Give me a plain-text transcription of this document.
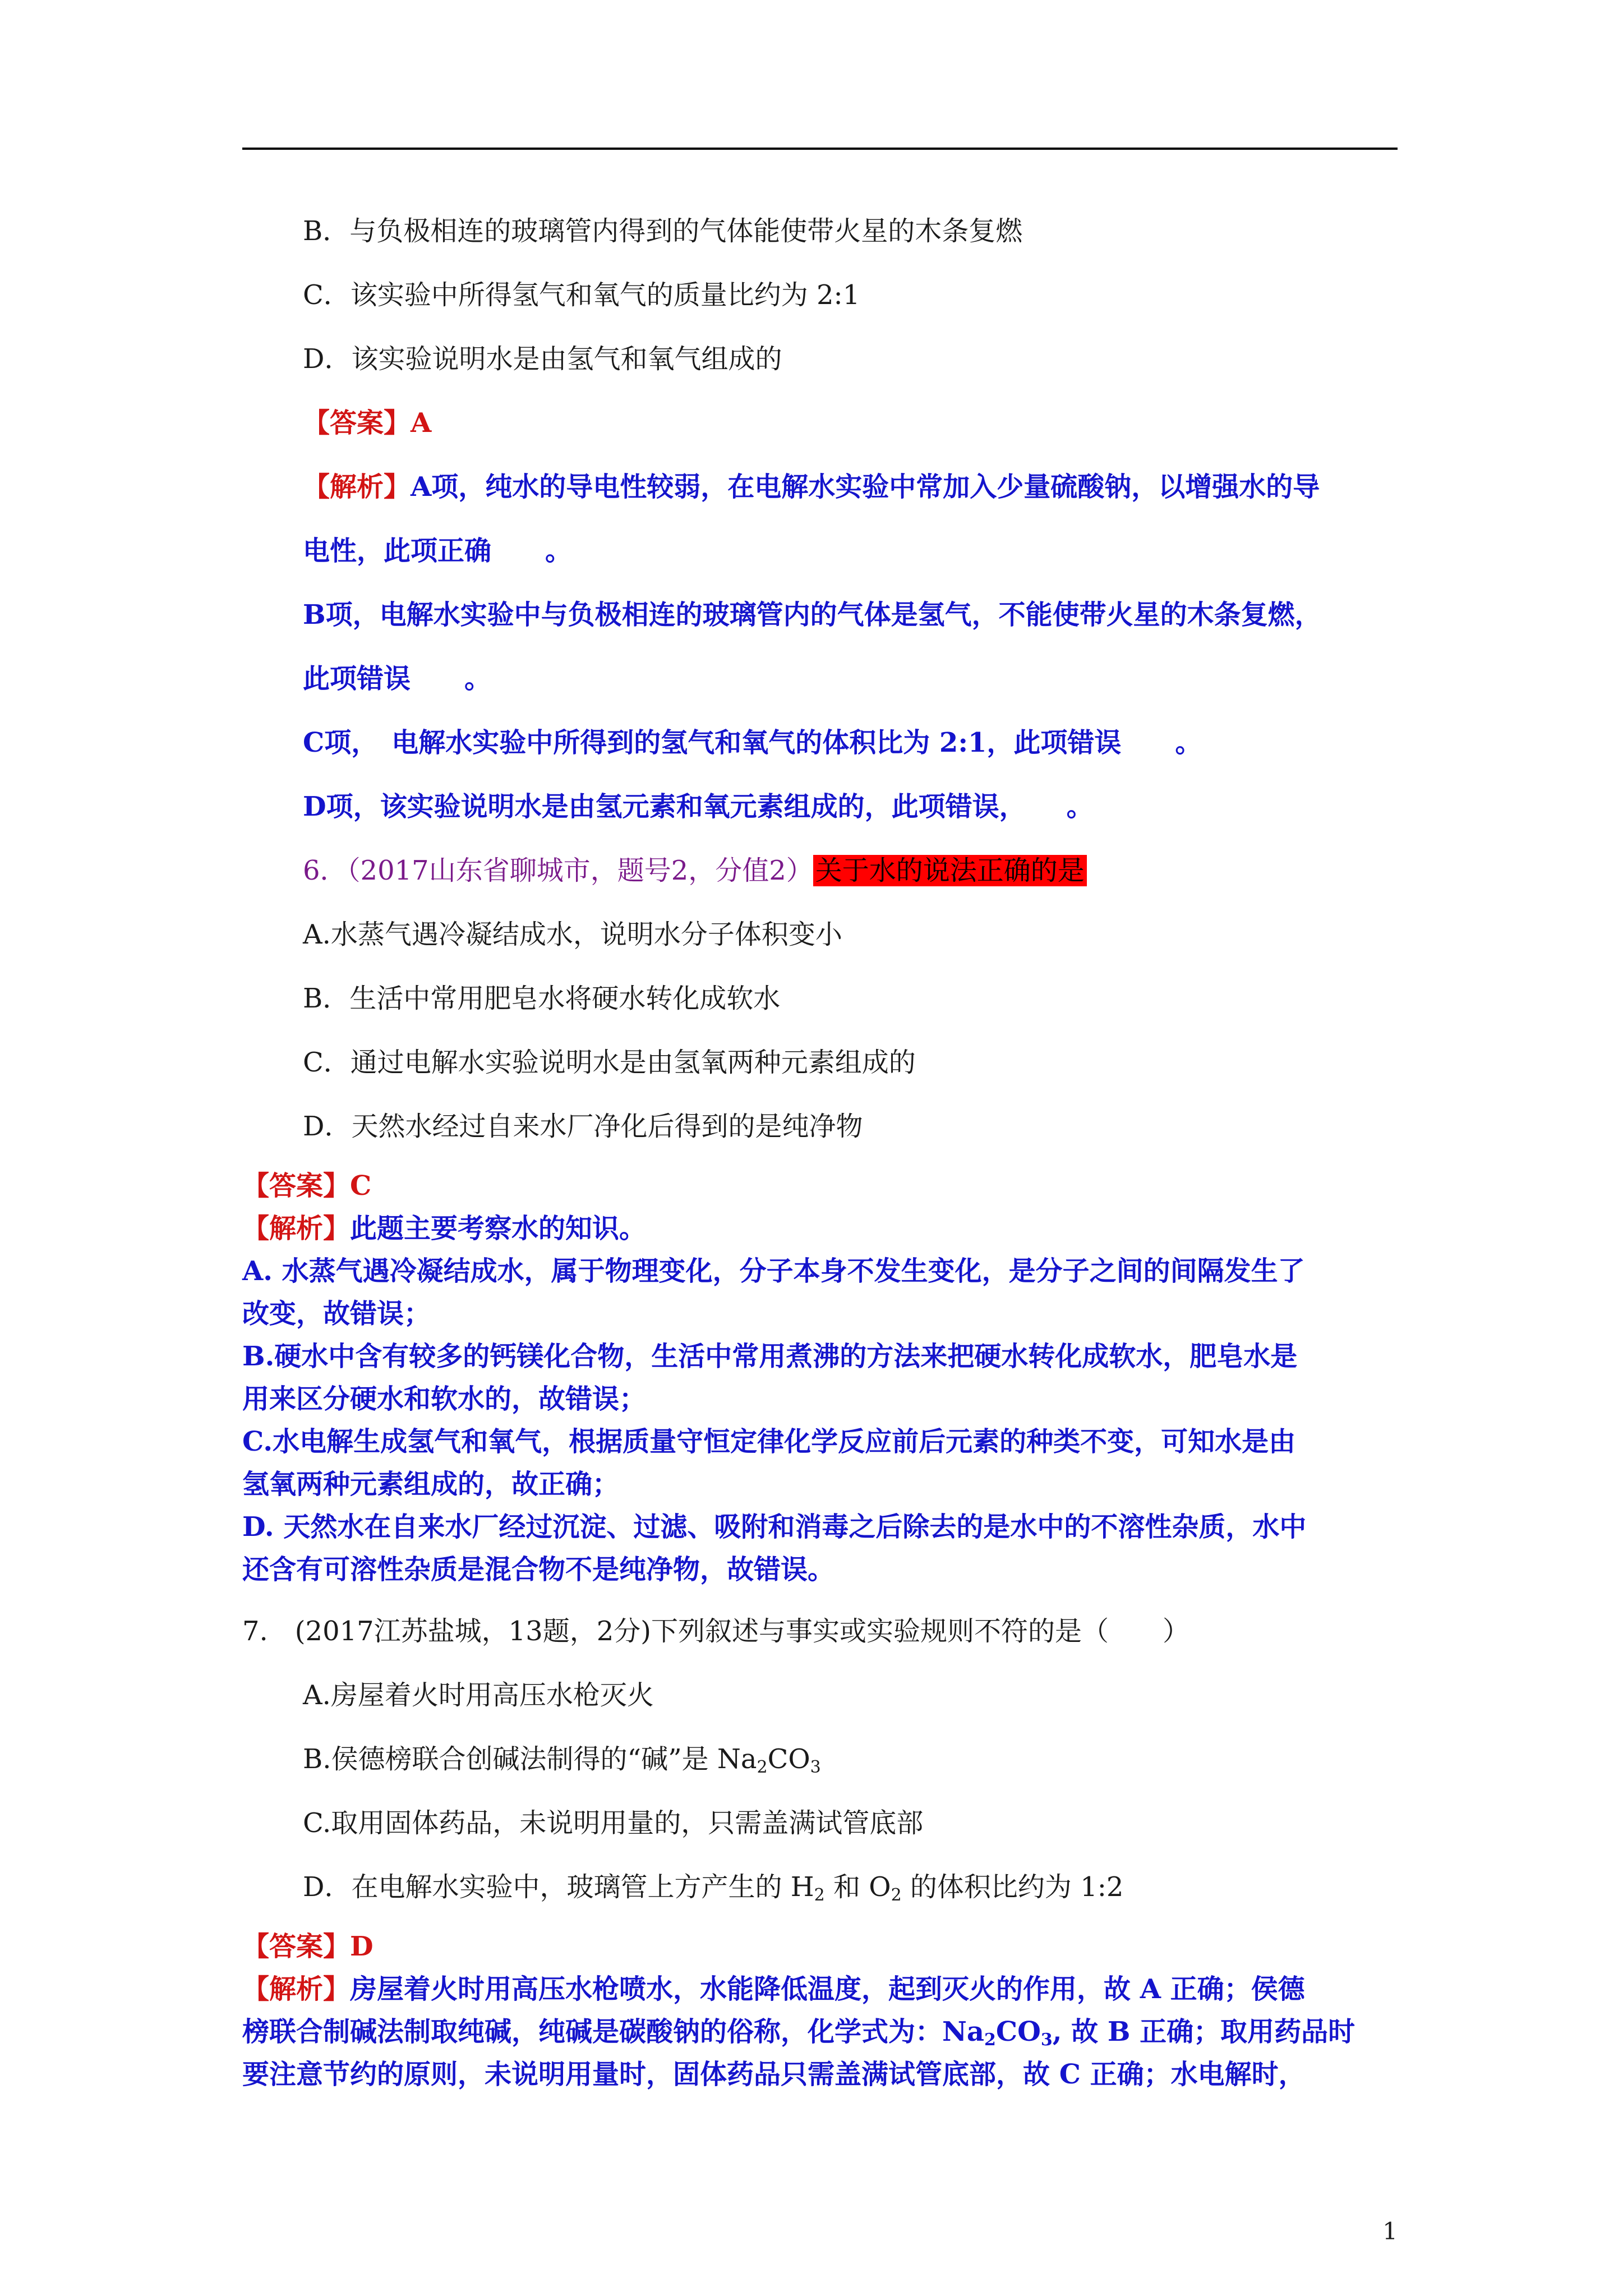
B．与负极相连的玻璃管内得到的气体能使带火星的木条复燃
C．该实验中所得氢气和氧气的质量比约为 2:1
D．该实验说明水是由氢气和氧气组成的
【答案】A
【解析】A项，纯水的导电性较弱，在电解水实验中常加入少量硫酸钠，以增强水的导
电性，此项正确　　。
B项，电解水实验中与负极相连的玻璃管内的气体是氢气，不能使带火星的木条复燃，
此项错误　　。
C项，　电解水实验中所得到的氢气和氧气的体积比为 2:1，此项错误　　。
D项，该实验说明水是由氢元素和氧元素组成的，此项错误，　　。
6．（2017山东省聊城市，题号2，分值2）关于水的说法正确的是
A.水蒸气遇冷凝结成水，说明水分子体积变小
B．生活中常用肥皂水将硬水转化成软水
C．通过电解水实验说明水是由氢氧两种元素组成的
D．天然水经过自来水厂净化后得到的是纯净物
【答案】C
【解析】此题主要考察水的知识。
A. 水蒸气遇冷凝结成水，属于物理变化，分子本身不发生变化，是分子之间的间隔发生了
改变，故错误；
B.硬水中含有较多的钙镁化合物，生活中常用煮沸的方法来把硬水转化成软水，肥皂水是
用来区分硬水和软水的，故错误；
C.水电解生成氢气和氧气，根据质量守恒定律化学反应前后元素的种类不变，可知水是由
氢氧两种元素组成的，故正确；
D. 天然水在自来水厂经过沉淀、过滤、吸附和消毒之后除去的是水中的不溶性杂质，水中
还含有可溶性杂质是混合物不是纯净物，故错误。
7.　(2017江苏盐城，13题，2分)下列叙述与事实或实验规则不符的是（　　）
A.房屋着火时用高压水枪灭火
B.侯德榜联合创碱法制得的“碱”是 $Na_2CO_3$
C.取用固体药品，未说明用量的，只需盖满试管底部
D．在电解水实验中，玻璃管上方产生的 $H_2$ 和 $O_2$ 的体积比约为 1:2
【答案】D
【解析】房屋着火时用高压水枪喷水，水能降低温度，起到灭火的作用，故 A 正确；侯德
榜联合制碱法制取纯碱，纯碱是碳酸钠的俗称，化学式为：$Na_2CO_3$, 故 B 正确；取用药品时
要注意节约的原则，未说明用量时，固体药品只需盖满试管底部，故 C 正确；水电解时，
1
